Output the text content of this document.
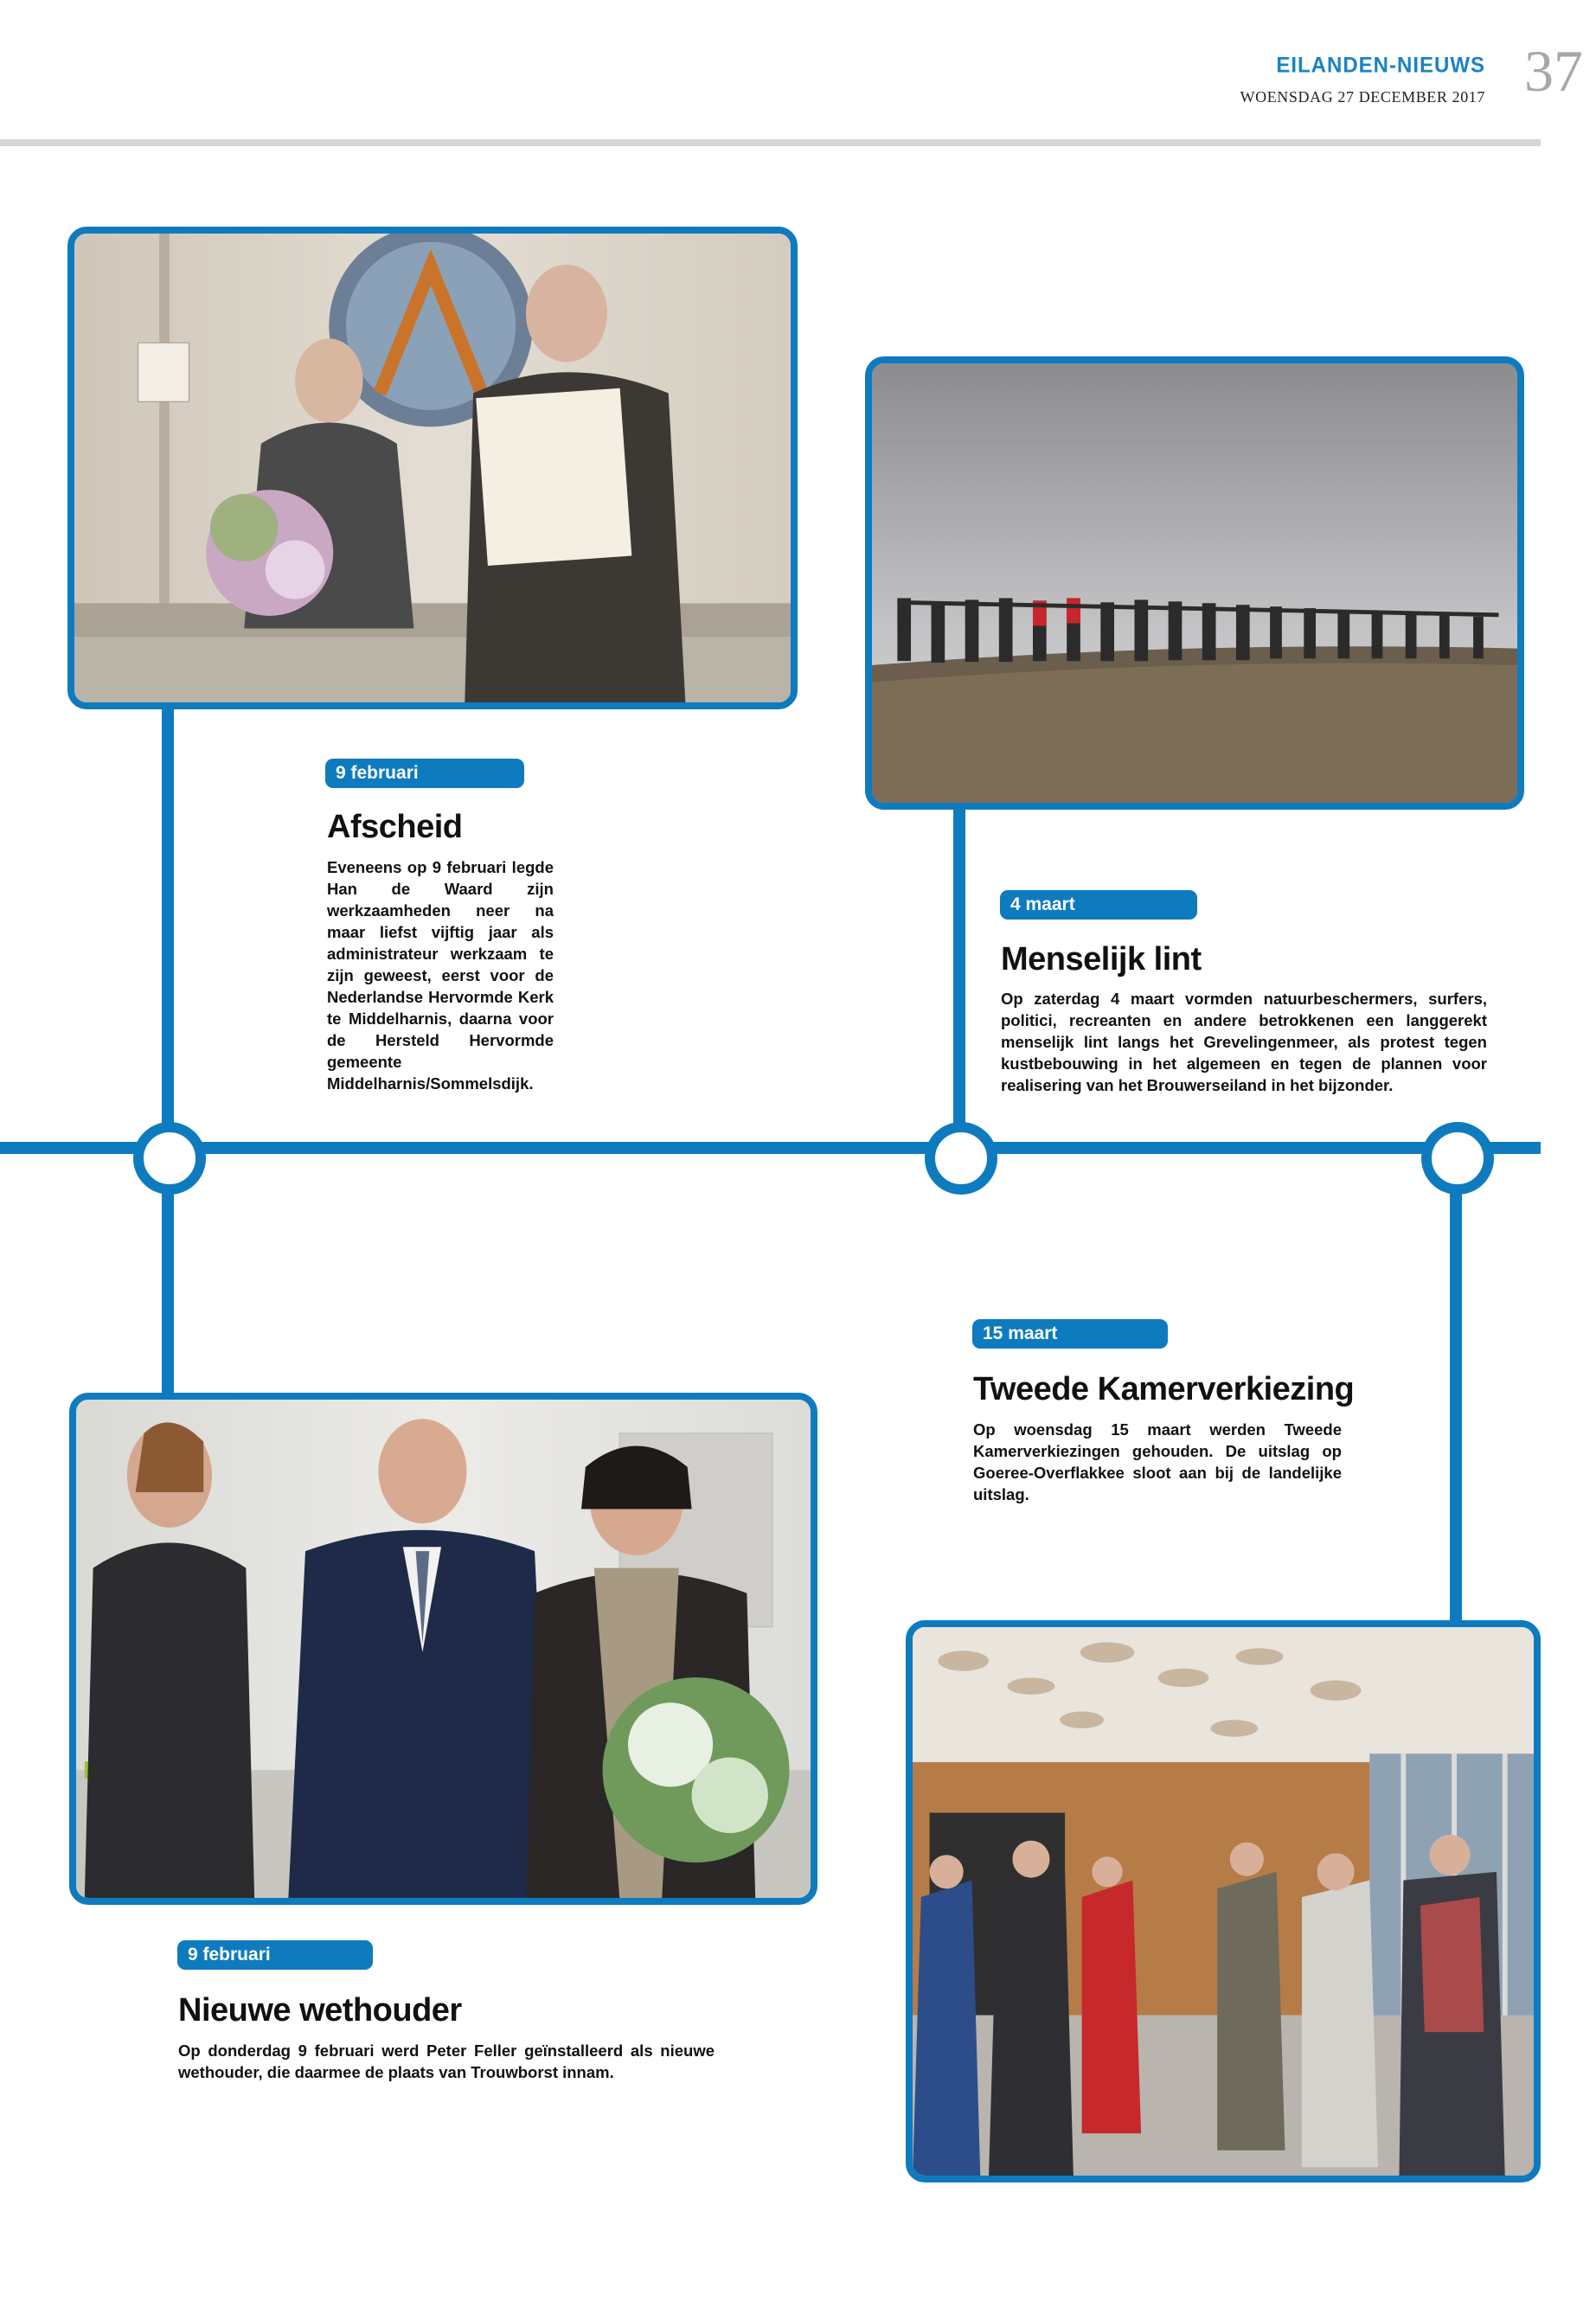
EILANDEN-NIEUWS
WOENSDAG 27 DECEMBER 2017 37
9 februari
Afscheid
Eveneens op 9 februari legde Han de Waard zijn werkzaamheden neer na maar liefst vijftig jaar als administrateur werkzaam te zijn geweest, eerst voor de Nederlandse Hervormde Kerk te Middelharnis, daarna voor de Hersteld Hervormde gemeente Middelharnis/Sommelsdijk.
4 maart
Menselijk lint
Op zaterdag 4 maart vormden natuurbeschermers, surfers, politici, recreanten en andere betrokkenen een langgerekt menselijk lint langs het Grevelingenmeer, als protest tegen kustbebouwing in het algemeen en tegen de plannen voor realisering van het Brouwerseiland in het bijzonder.
15 maart
Tweede Kamerverkiezing
Op woensdag 15 maart werden Tweede Kamerverkiezingen gehouden. De uitslag op Goeree-Overflakkee sloot aan bij de landelijke uitslag.
9 februari
Nieuwe wethouder
Op donderdag 9 februari werd Peter Feller geïnstalleerd als nieuwe wethouder, die daarmee de plaats van Trouwborst innam.
